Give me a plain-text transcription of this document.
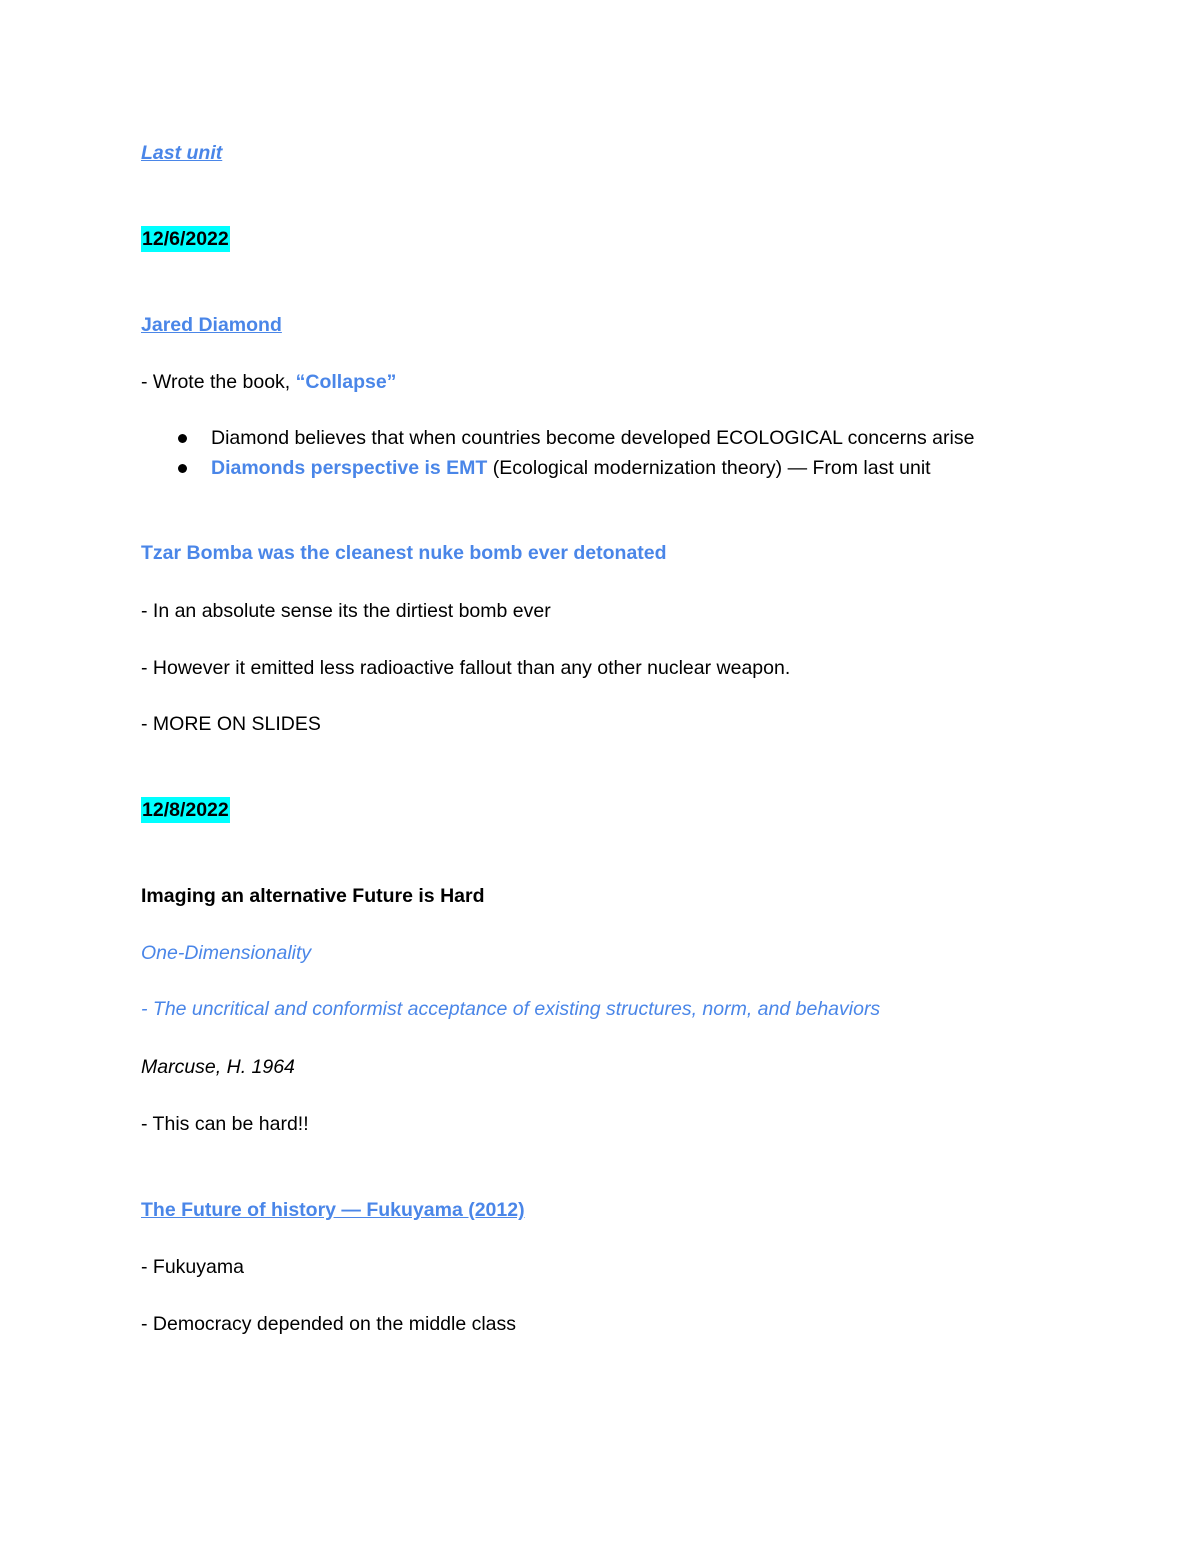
Last unit
12/6/2022
Jared Diamond
- Wrote the book, “Collapse”
Diamond believes that when countries become developed ECOLOGICAL concerns arise
Diamonds perspective is EMT (Ecological modernization theory) — From last unit
Tzar Bomba was the cleanest nuke bomb ever detonated
- In an absolute sense its the dirtiest bomb ever
- However it emitted less radioactive fallout than any other nuclear weapon.
- MORE ON SLIDES
12/8/2022
Imaging an alternative Future is Hard
One-Dimensionality
- The uncritical and conformist acceptance of existing structures, norm, and behaviors
Marcuse, H. 1964
- This can be hard!!
The Future of history — Fukuyama (2012)
- Fukuyama
- Democracy depended on the middle class
